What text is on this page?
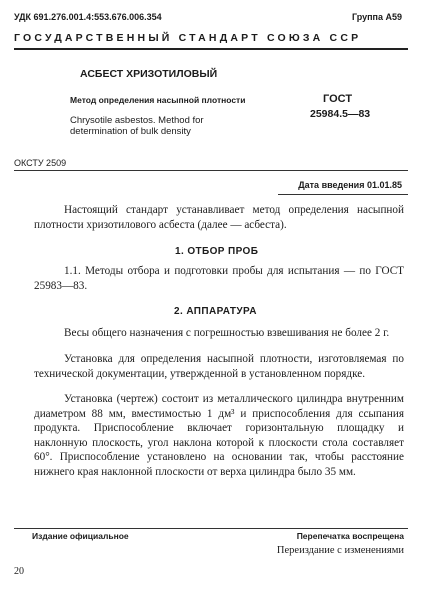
УДК 691.276.001.4:553.676.006.354	Группа А59
ГОСУДАРСТВЕННЫЙ СТАНДАРТ СОЮЗА ССР
АСБЕСТ ХРИЗОТИЛОВЫЙ
Метод определения насыпной плотности
Chrysotile asbestos. Method for determination of bulk density
ГОСТ
25984.5—83
ОКСТУ 2509
Дата введения 01.01.85
Настоящий стандарт устанавливает метод определения насыпной плотности хризотилового асбеста (далее — асбеста).
1. ОТБОР ПРОБ
1.1. Методы отбора и подготовки пробы для испытания — по ГОСТ 25983—83.
2. АППАРАТУРА
Весы общего назначения с погрешностью взвешивания не более 2 г.
Установка для определения насыпной плотности, изготовляемая по технической документации, утвержденной в установленном порядке.
Установка (чертеж) состоит из металлического цилиндра внутренним диаметром 88 мм, вместимостью 1 дм³ и приспособления для ссыпания продукта. Приспособление включает горизонтальную площадку и наклонную плоскость, угол наклона которой к плоскости стола составляет 60°. Приспособление установлено на основании так, чтобы расстояние нижнего края наклонной плоскости от верха цилиндра было 35 мм.
Издание официальное	Перепечатка воспрещена
Переиздание с изменениями
20
